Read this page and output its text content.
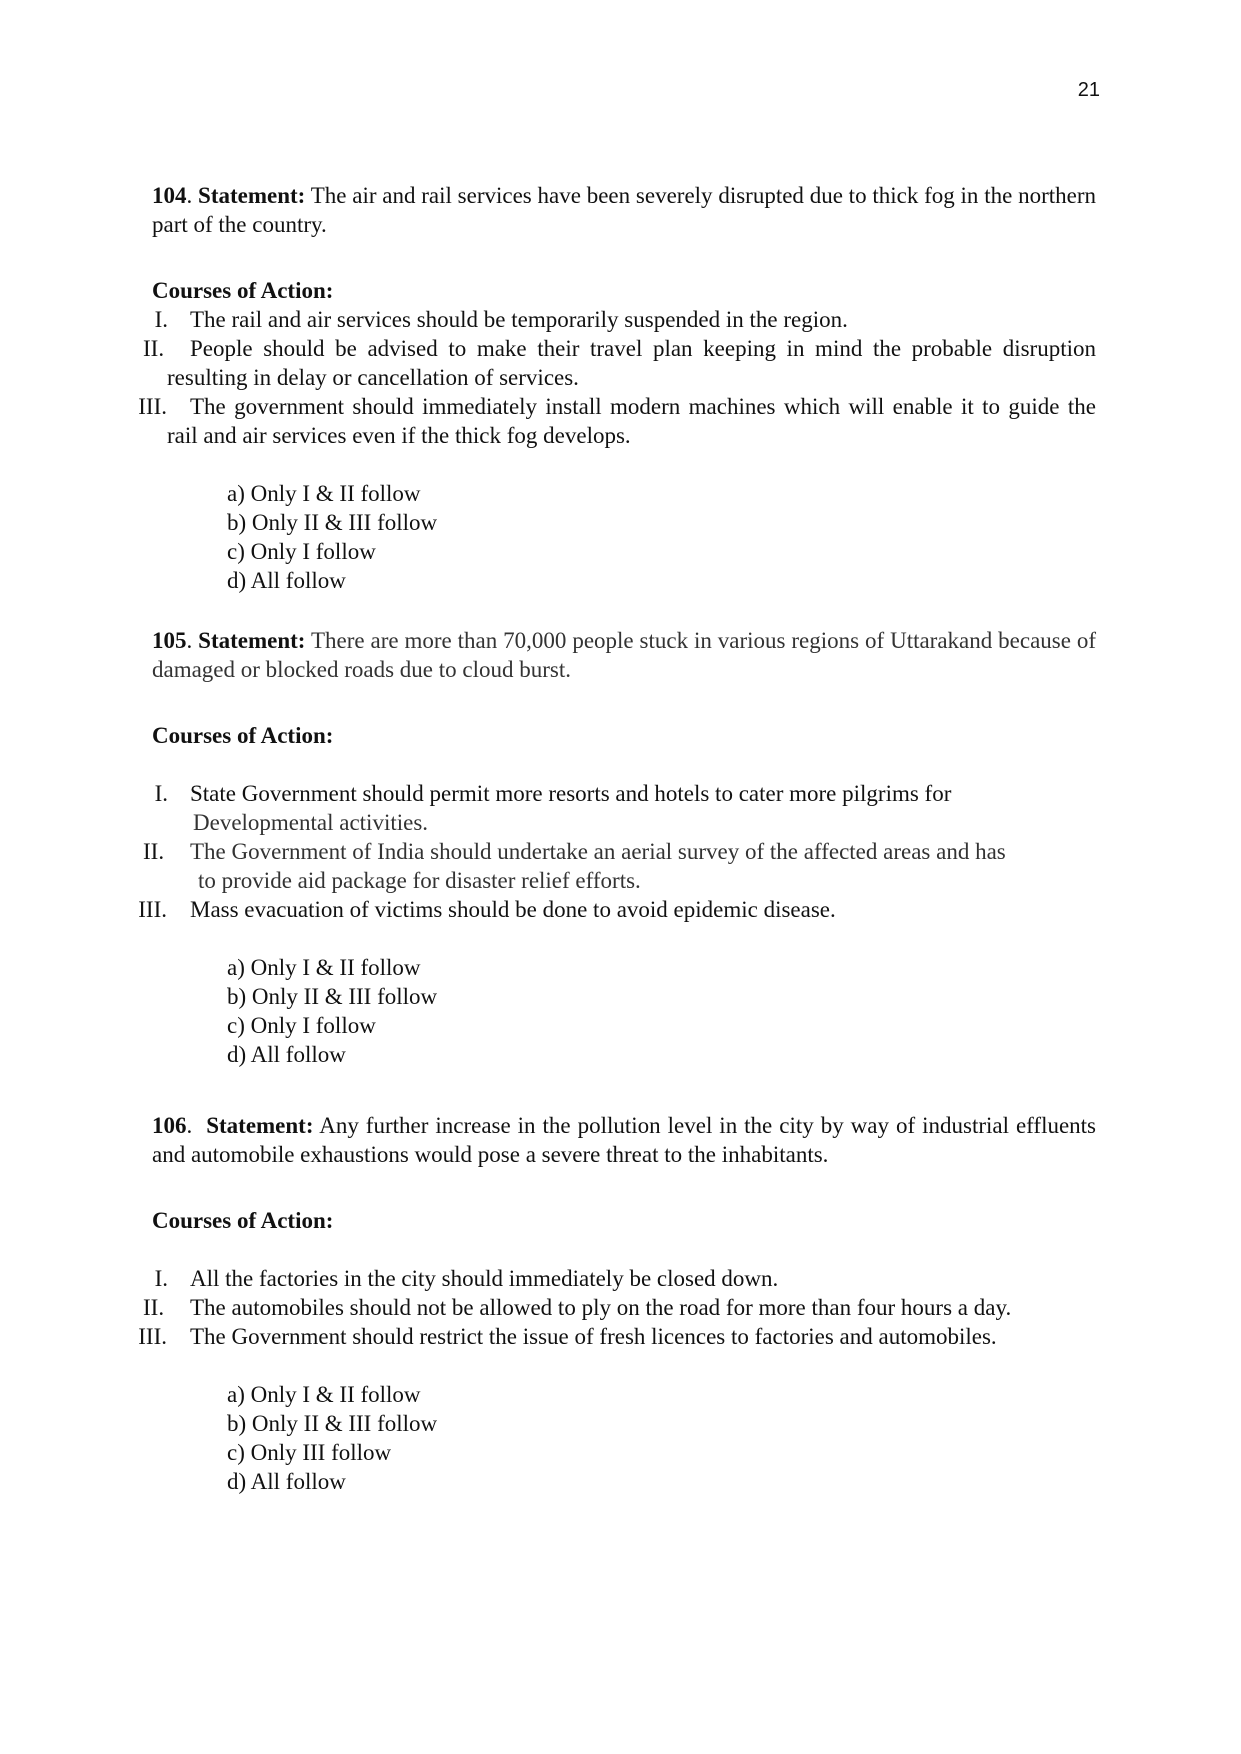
21

104. Statement: The air and rail services have been severely disrupted due to thick fog in the northern part of the country.

Courses of Action:

I. The rail and air services should be temporarily suspended in the region.
II. People should be advised to make their travel plan keeping in mind the probable disruption resulting in delay or cancellation of services.
III. The government should immediately install modern machines which will enable it to guide the rail and air services even if the thick fog develops.
a) Only I & II follow
b) Only II & III follow
c) Only I follow
d) All follow

105. Statement: There are more than 70,000 people stuck in various regions of Uttarakand because of damaged or blocked roads due to cloud burst.

Courses of Action:

I. State Government should permit more resorts and hotels to cater more pilgrims for
Developmental activities.
II. The Government of India should undertake an aerial survey of the affected areas and has
to provide aid package for disaster relief efforts.
III. Mass evacuation of victims should be done to avoid epidemic disease.
a) Only I & II follow
b) Only II & III follow
c) Only I follow
d) All follow

106.  Statement: Any further increase in the pollution level in the city by way of industrial effluents and automobile exhaustions would pose a severe threat to the inhabitants.

Courses of Action:

I. All the factories in the city should immediately be closed down.
II. The automobiles should not be allowed to ply on the road for more than four hours a day.
III. The Government should restrict the issue of fresh licences to factories and automobiles.
a) Only I & II follow
b) Only II & III follow
c) Only III follow
d) All follow
